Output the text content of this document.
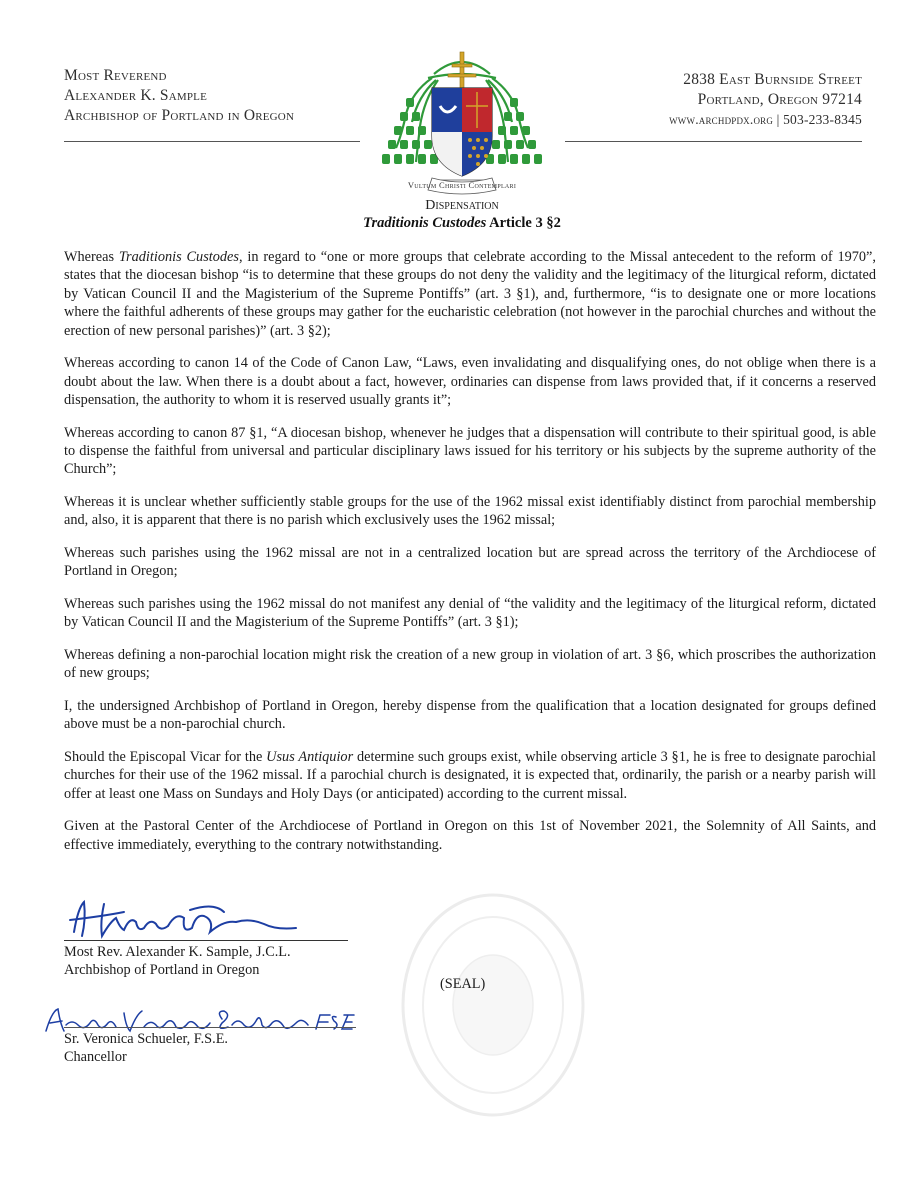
Most Reverend
Alexander K. Sample
Archbishop of Portland in Oregon
Vultum Christi Contemplari
2838 East Burnside Street
Portland, Oregon 97214
www.archdpdx.org | 503-233-8345
Dispensation
Traditionis Custodes Article 3 §2

Whereas Traditionis Custodes, in regard to “one or more groups that celebrate according to the Missal antecedent to the reform of 1970”, states that the diocesan bishop “is to determine that these groups do not deny the validity and the legitimacy of the liturgical reform, dictated by Vatican Council II and the Magisterium of the Supreme Pontiffs” (art. 3 §1), and, furthermore, “is to designate one or more locations where the faithful adherents of these groups may gather for the eucharistic celebration (not however in the parochial churches and without the erection of new personal parishes)” (art. 3 §2);

Whereas according to canon 14 of the Code of Canon Law, “Laws, even invalidating and disqualifying ones, do not oblige when there is a doubt about the law. When there is a doubt about a fact, however, ordinaries can dispense from laws provided that, if it concerns a reserved dispensation, the authority to whom it is reserved usually grants it”;

Whereas according to canon 87 §1, “A diocesan bishop, whenever he judges that a dispensation will contribute to their spiritual good, is able to dispense the faithful from universal and particular disciplinary laws issued for his territory or his subjects by the supreme authority of the Church”;

Whereas it is unclear whether sufficiently stable groups for the use of the 1962 missal exist identifiably distinct from parochial membership and, also, it is apparent that there is no parish which exclusively uses the 1962 missal;

Whereas such parishes using the 1962 missal are not in a centralized location but are spread across the territory of the Archdiocese of Portland in Oregon;

Whereas such parishes using the 1962 missal do not manifest any denial of “the validity and the legitimacy of the liturgical reform, dictated by Vatican Council II and the Magisterium of the Supreme Pontiffs” (art. 3 §1);

Whereas defining a non-parochial location might risk the creation of a new group in violation of art. 3 §6, which proscribes the authorization of new groups;

I, the undersigned Archbishop of Portland in Oregon, hereby dispense from the qualification that a location designated for groups defined above must be a non-parochial church.

Should the Episcopal Vicar for the Usus Antiquior determine such groups exist, while observing article 3 §1, he is free to designate parochial churches for their use of the 1962 missal. If a parochial church is designated, it is expected that, ordinarily, the parish or a nearby parish will offer at least one Mass on Sundays and Holy Days (or anticipated) according to the current missal.

Given at the Pastoral Center of the Archdiocese of Portland in Oregon on this 1st of November 2021, the Solemnity of All Saints, and effective immediately, everything to the contrary notwithstanding.

Most Rev. Alexander K. Sample, J.C.L.
Archbishop of Portland in Oregon
(SEAL)
Sr. Veronica Schueler, F.S.E.
Chancellor
